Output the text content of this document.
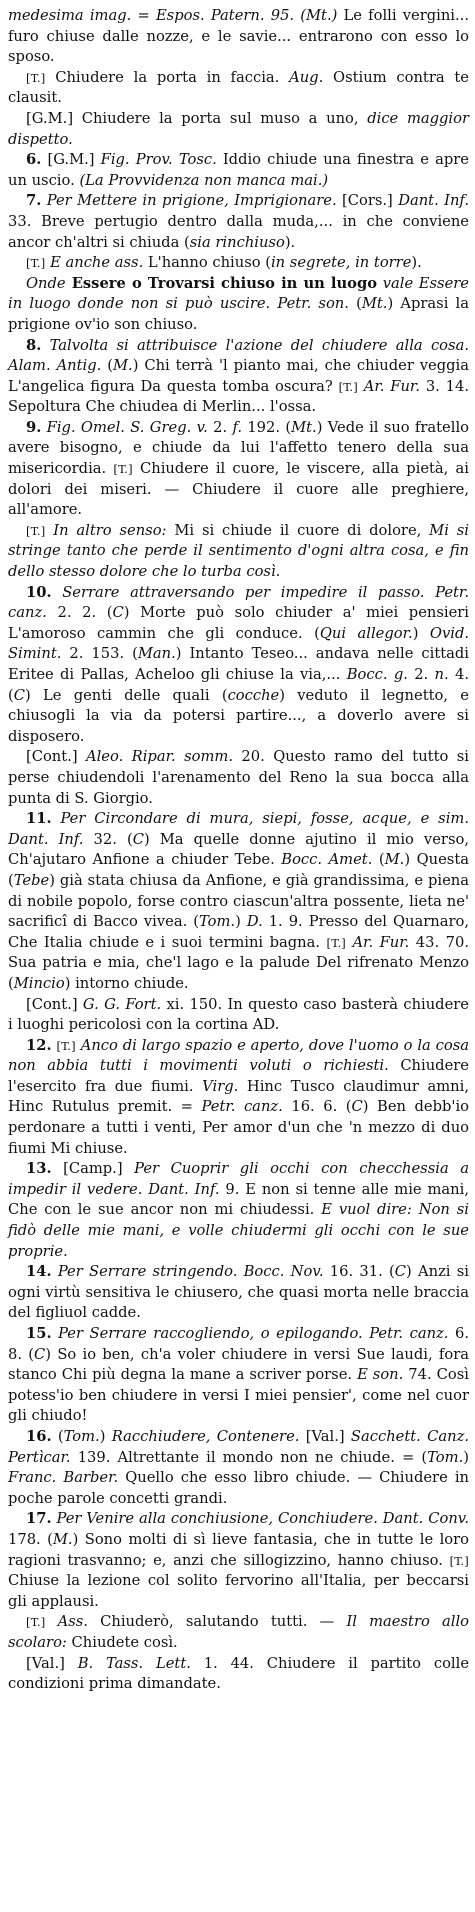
medesima imag. = Espos. Patern. 95. (Mt.) Le folli vergini... furo chiuse dalle nozze, e le savie... entrarono con esso lo sposo.

[T.] Chiudere la porta in faccia. Aug. Ostium contra te clausit.

[G.M.] Chiudere la porta sul muso a uno, dice maggior dispetto.

6. [G.M.] Fig. Prov. Tosc. Iddio chiude una finestra e apre un uscio. (La Provvidenza non manca mai.)

7. Per Mettere in prigione, Imprigionare. [Cors.] Dant. Inf. 33. Breve pertugio dentro dalla muda,... in che conviene ancor ch'altri si chiuda (sia rinchiuso).

[T.] E anche ass. L'hanno chiuso (in segrete, in torre).

Onde Essere o Trovarsi chiuso in un luogo vale Essere in luogo donde non si può uscire. Petr. son. (Mt.) Aprasi la prigione ov'io son chiuso.

8. Talvolta si attribuisce l'azione del chiudere alla cosa. Alam. Antig. (M.) Chi terrà 'l pianto mai, che chiuder veggia L'angelica figura Da questa tomba oscura? [T.] Ar. Fur. 3. 14. Sepoltura Che chiudea di Merlin... l'ossa.

9. Fig. Omel. S. Greg. v. 2. f. 192. (Mt.) Vede il suo fratello avere bisogno, e chiude da lui l'affetto tenero della sua misericordia. [T.] Chiudere il cuore, le viscere, alla pietà, ai dolori dei miseri. — Chiudere il cuore alle preghiere, all'amore.

[T.] In altro senso: Mi si chiude il cuore di dolore, Mi si stringe tanto che perde il sentimento d'ogni altra cosa, e fin dello stesso dolore che lo turba così.

10. Serrare attraversando per impedire il passo. Petr. canz. 2. 2. (C) Morte può solo chiuder a' miei pensieri L'amoroso cammin che gli conduce. (Qui allegor.) Ovid. Simint. 2. 153. (Man.) Intanto Teseo... andava nelle cittadi Eritee di Pallas, Acheloo gli chiuse la via,... Bocc. g. 2. n. 4. (C) Le genti delle quali (cocche) veduto il legnetto, e chiusogli la via da potersi partire..., a doverlo avere si disposero.

[Cont.] Aleo. Ripar. somm. 20. Questo ramo del tutto si perse chiudendoli l'arenamento del Reno la sua bocca alla punta di S. Giorgio.

11. Per Circondare di mura, siepi, fosse, acque, e sim. Dant. Inf. 32. (C) Ma quelle donne ajutino il mio verso, Ch'ajutaro Anfione a chiuder Tebe. Bocc. Amet. (M.) Questa (Tebe) già stata chiusa da Anfione, e già grandissima, e piena di nobile popolo, forse contro ciascun'altra possente, lieta ne' sacrificî di Bacco vivea. (Tom.) D. 1. 9. Presso del Quarnaro, Che Italia chiude e i suoi termini bagna. [T.] Ar. Fur. 43. 70. Sua patria e mia, che'l lago e la palude Del rifrenato Menzo (Mincio) intorno chiude.

[Cont.] G. G. Fort. xi. 150. In questo caso basterà chiudere i luoghi pericolosi con la cortina AD.

12. [T.] Anco di largo spazio e aperto, dove l'uomo o la cosa non abbia tutti i movimenti voluti o richiesti. Chiudere l'esercito fra due fiumi. Virg. Hinc Tusco claudimur amni, Hinc Rutulus premit. = Petr. canz. 16. 6. (C) Ben debb'io perdonare a tutti i venti, Per amor d'un che 'n mezzo di duo fiumi Mi chiuse.

13. [Camp.] Per Cuoprir gli occhi con checchessia a impedir il vedere. Dant. Inf. 9. E non si tenne alle mie mani, Che con le sue ancor non mi chiudessi. E vuol dire: Non si fidò delle mie mani, e volle chiudermi gli occhi con le sue proprie.

14. Per Serrare stringendo. Bocc. Nov. 16. 31. (C) Anzi si ogni virtù sensitiva le chiusero, che quasi morta nelle braccia del figliuol cadde.

15. Per Serrare raccogliendo, o epilogando. Petr. canz. 6. 8. (C) So io ben, ch'a voler chiudere in versi Sue laudi, fora stanco Chi più degna la mane a scriver porse. E son. 74. Così potess'io ben chiudere in versi I miei pensier', come nel cuor gli chiudo!

16. (Tom.) Racchiudere, Contenere. [Val.] Sacchett. Canz. Pertìcar. 139. Altrettante il mondo non ne chiude. = (Tom.) Franc. Barber. Quello che esso libro chiude. — Chiudere in poche parole concetti grandi.

17. Per Venire alla conchiusione, Conchiudere. Dant. Conv. 178. (M.) Sono molti di sì lieve fantasia, che in tutte le loro ragioni trasvanno; e, anzi che sillogizzino, hanno chiuso. [T.] Chiuse la lezione col solito fervorino all'Italia, per beccarsi gli applausi.

[T.] Ass. Chiuderò, salutando tutti. — Il maestro allo scolaro: Chiudete così.

[Val.] B. Tass. Lett. 1. 44. Chiudere il partito colle condizioni prima dimandate.
